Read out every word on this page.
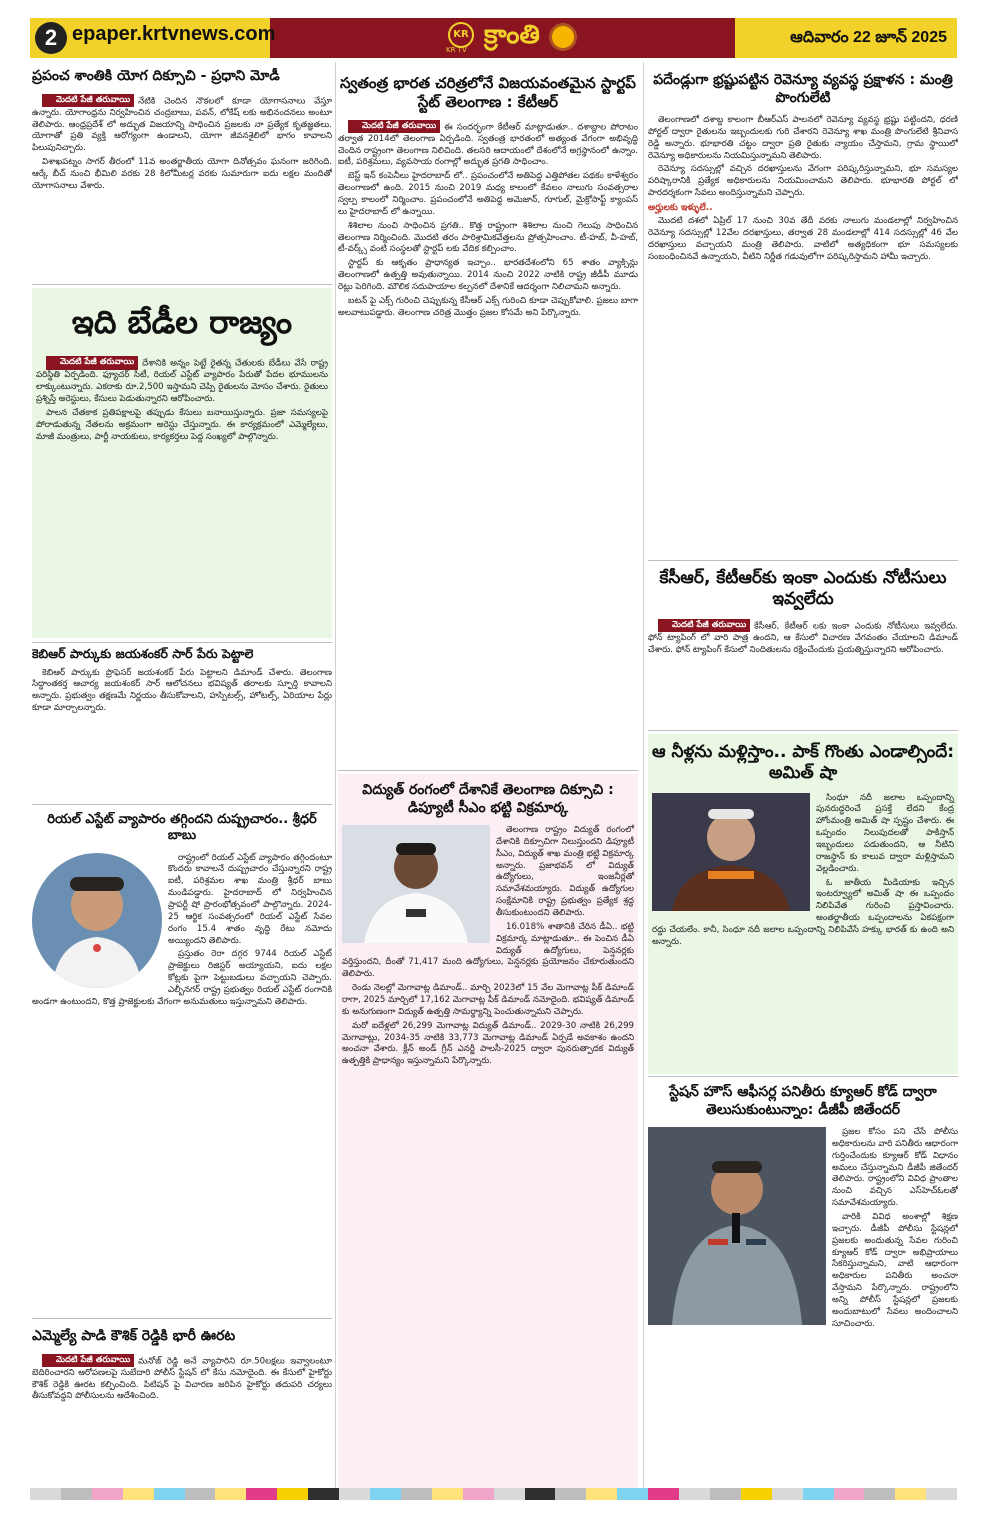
2 epaper.krtvnews.com	KR
KR TV క్రాంతి	ఆదివారం 22 జూన్ 2025
ప్రపంచ శాంతికి యోగ దిక్సూచి - ప్రధాని మోడీ

మెదటి పేజీ తరువాయి నేటికి చెందిన నౌకలలో కూడా యోగాసనాలు వేస్తూ ఉన్నారు. యోగాంధ్రను నిర్వహించిన చంద్రబాబు, పవన్, లోకేష్ లకు అభినందనలు అంటూ తెలిపారు. ఆంధ్రప్రదేశ్ లో అద్భుత విజయాన్ని సాధించిన ప్రజలకు నా ప్రత్యేక కృతజ్ఞతలు. యోగాతో ప్రతి వ్యక్తి ఆరోగ్యంగా ఉండాలని, యోగా జీవనశైలిలో భాగం కావాలని పిలుపునిచ్చారు.

విశాఖపట్నం సాగర్ తీరంలో 11వ అంతర్జాతీయ యోగా దినోత్సవం ఘనంగా జరిగింది. ఆర్కే బీచ్ నుంచి భీమిలి వరకు 28 కిలోమీటర్ల వరకు సుమారుగా ఐదు లక్షల మందితో యోగాసనాలు వేశారు.

ఇది బేడీల రాజ్యం

మెదటి పేజీ తరువాయి దేశానికి అన్నం పెట్టే రైతన్న చేతులకు బేడీలు వేసే రాష్ట్ర పరిస్థితి ఏర్పడింది. ఫ్యూచర్ సిటీ, రియల్ ఎస్టేట్ వ్యాపారం పేరుతో పేదల భూములను లాక్కుంటున్నారు. ఎకరాకు రూ.2,500 ఇస్తామని చెప్పి రైతులను మోసం చేశారు. రైతులు ప్రశ్నిస్తే అరెస్టులు, కేసులు పెడుతున్నారని ఆరోపించారు.

పాలన చేతకాక ప్రతిపక్షాలపై తప్పుడు కేసులు బనాయిస్తున్నారు. ప్రజా సమస్యలపై పోరాడుతున్న నేతలను అక్రమంగా అరెస్టు చేస్తున్నారు. ఈ కార్యక్రమంలో ఎమ్మెల్యేలు, మాజీ మంత్రులు, పార్టీ నాయకులు, కార్యకర్తలు పెద్ద సంఖ్యలో పాల్గొన్నారు.

కెబిఆర్ పార్కుకు జయశంకర్ సార్ పేరు పెట్టాలె

కెబిఆర్ పార్కుకు ప్రొఫెసర్ జయశంకర్ పేరు పెట్టాలని డిమాండ్ చేశారు. తెలంగాణ సిద్ధాంతకర్త ఆచార్య జయశంకర్ సార్ ఆలోచనలు భవిష్యత్ తరాలకు స్ఫూర్తి కావాలని అన్నారు. ప్రభుత్వం తక్షణమే నిర్ణయం తీసుకోవాలని, హస్పిటల్స్, హోటల్స్, ఏరియాల పేర్లు కూడా మార్చాలన్నారు.

రియల్ ఎస్టేట్ వ్యాపారం తగ్గిందని దుష్ప్రచారం.. శ్రీధర్ బాబు

రాష్ట్రంలో రియల్ ఎస్టేట్ వ్యాపారం తగ్గిందంటూ కొందరు కావాలనే దుష్ప్రచారం చేస్తున్నారని రాష్ట్ర ఐటీ, పరిశ్రమల శాఖ మంత్రి శ్రీధర్ బాబు మండిపడ్డారు. హైదరాబాద్ లో నిర్వహించిన ప్రాపర్టీ షో ప్రారంభోత్సవంలో పాల్గొన్నారు. 2024-25 ఆర్థిక సంవత్సరంలో రియల్ ఎస్టేట్ సేవల రంగం 15.4 శాతం వృద్ధి రేటు నమోదు అయ్యిందని తెలిపారు.

ప్రస్తుతం రెరా దగ్గర 9744 రియల్ ఎస్టేట్ ప్రాజెక్టులు రిజిస్టర్ అయ్యాయని, ఐదు లక్షల కోట్లకు పైగా పెట్టుబడులు వచ్చాయని చెప్పారు. ఎల్బీనగర్ రాష్ట్ర ప్రభుత్వం రియల్ ఎస్టేట్ రంగానికి అండగా ఉంటుందని, కొత్త ప్రాజెక్టులకు వేగంగా అనుమతులు ఇస్తున్నామని తెలిపారు.

ఎమ్మెల్యే పాడి కౌశిక్ రెడ్డికి భారీ ఊరట

మెదటి పేజీ తరువాయి మనోజ్ రెడ్డి అనే వ్యాపారిని రూ.50లక్షలు ఇవ్వాలంటూ బెదిరించారని ఆరోపణలపై సుబేదారి పోలీస్ స్టేషన్ లో కేసు నమోదైంది. ఈ కేసులో హైకోర్టు కౌశిక్ రెడ్డికి ఊరట కల్పించింది. పిటిషన్ పై విచారణ జరిపిన హైకోర్టు తదుపరి చర్యలు తీసుకోవద్దని పోలీసులను ఆదేశించింది.

స్వతంత్ర భారత చరిత్రలోనే విజయవంతమైన స్టార్టప్ స్టేట్ తెలంగాణ : కేటీఆర్

మెదటి పేజీ తరువాయి ఈ సందర్భంగా కేటీఆర్ మాట్లాడుతూ.. దశాబ్దాల పోరాటం తర్వాత 2014లో తెలంగాణ ఏర్పడింది. స్వతంత్ర భారతంలో అత్యంత వేగంగా అభివృద్ధి చెందిన రాష్ట్రంగా తెలంగాణ నిలిచింది. తలసరి ఆదాయంలో దేశంలోనే అగ్రస్థానంలో ఉన్నాం. ఐటీ, పరిశ్రమలు, వ్యవసాయ రంగాల్లో అద్భుత ప్రగతి సాధించాం.

బెస్ట్ ఇన్ కంపెనీలు హైదరాబాద్ లో.. ప్రపంచంలోనే అతిపెద్ద ఎత్తిపోతల పథకం కాళేశ్వరం తెలంగాణలో ఉంది. 2015 నుంచి 2019 మధ్య కాలంలో కేవలం నాలుగు సంవత్సరాల స్వల్ప కాలంలో నిర్మించాం. ప్రపంచంలోనే అతిపెద్ద అమెజాన్, గూగుల్, మైక్రోసాఫ్ట్ క్యాంపస్ లు హైదరాబాద్ లో ఉన్నాయి.

శిశిలాల నుంచి సాధించిన ప్రగతి.. కొత్త రాష్ట్రంగా శిశిలాల నుంచి గెలుపు సాధించిన తెలంగాణ నిర్మించింది. మొదటి తరం పారిశ్రామికవేత్తలను ప్రోత్సహించాం. టీ-హబ్, వీ-హబ్, టీ-వర్క్స్ వంటి సంస్థలతో స్టార్టప్ లకు వేదిక కల్పించాం.

స్టార్టప్ కు ఆకృతం ప్రాధాన్యత ఇచ్చాం.. భారతదేశంలోని 65 శాతం వ్యాక్సిన్లు తెలంగాణలో ఉత్పత్తి అవుతున్నాయి. 2014 నుంచి 2022 నాటికి రాష్ట్ర జీడీపీ మూడు రెట్లు పెరిగింది. మౌలిక సదుపాయాల కల్పనలో దేశానికే ఆదర్శంగా నిలిచామని అన్నారు.

బటన్ పై ఎక్స్ గురించి చెప్పుకున్న కేసీఆర్ ఎక్స్ గురించి కూడా చెప్పుకోవాలి. ప్రజలు బాగా అలవాటుపడ్డారు. తెలంగాణ చరిత్ర మొత్తం ప్రజల కోసమే అని పేర్కొన్నారు.

విద్యుత్ రంగంలో దేశానికే తెలంగాణ దిక్సూచి : డిప్యూటీ సీఎం భట్టి విక్రమార్క

తెలంగాణ రాష్ట్రం విద్యుత్ రంగంలో దేశానికి దిక్సూచిగా నిలుస్తుందని డిప్యూటీ సీఎం, విద్యుత్ శాఖ మంత్రి భట్టి విక్రమార్క అన్నారు. ప్రజాభవన్ లో విద్యుత్ ఉద్యోగులు, ఇంజనీర్లతో సమావేశమయ్యారు. విద్యుత్ ఉద్యోగుల సంక్షేమానికి రాష్ట్ర ప్రభుత్వం ప్రత్యేక శ్రద్ధ తీసుకుంటుందని తెలిపారు.

16.018% శాతానికి చేరిన డీఏ.. భట్టి విక్రమార్క మాట్లాడుతూ.. ఈ పెంచిన డీఏ విద్యుత్ ఉద్యోగులు, పెన్షనర్లకు వర్తిస్తుందని, దీంతో 71,417 మంది ఉద్యోగులు, పెన్షనర్లకు ప్రయోజనం చేకూరుతుందని తెలిపారు.

రెండు నెలల్లో మెగావాట్ల డిమాండ్.. మార్చి 2023లో 15 వేల మెగావాట్ల పీక్ డిమాండ్ రాగా, 2025 మార్చిలో 17,162 మెగావాట్ల పీక్ డిమాండ్ నమోదైంది. భవిష్యత్ డిమాండ్ కు అనుగుణంగా విద్యుత్ ఉత్పత్తి సామర్థ్యాన్ని పెంచుతున్నామని చెప్పారు.

మరో ఐదేళ్లలో 26,299 మెగావాట్ల విద్యుత్ డిమాండ్.. 2029-30 నాటికి 26,299 మెగావాట్లు, 2034-35 నాటికి 33,773 మెగావాట్ల డిమాండ్ ఏర్పడే అవకాశం ఉందని అంచనా వేశారు. క్లీన్ అండ్ గ్రీన్ ఎనర్జీ పాలసీ-2025 ద్వారా పునరుత్పాదక విద్యుత్ ఉత్పత్తికి ప్రాధాన్యం ఇస్తున్నామని పేర్కొన్నారు.

పదేండ్లుగా భ్రష్టుపట్టిన రెవెన్యూ వ్యవస్థ ప్రక్షాళన : మంత్రి పొంగులేటి

తెలంగాణలో దశాబ్ద కాలంగా బీఆర్ఎస్ పాలనలో రెవెన్యూ వ్యవస్థ భ్రష్టు పట్టిందని, ధరణి పోర్టల్ ద్వారా రైతులను ఇబ్బందులకు గురి చేశారని రెవెన్యూ శాఖ మంత్రి పొంగులేటి శ్రీనివాస రెడ్డి అన్నారు. భూభారతి చట్టం ద్వారా ప్రతి రైతుకు న్యాయం చేస్తామని, గ్రామ స్థాయిలో రెవెన్యూ అధికారులను నియమిస్తున్నామని తెలిపారు.

రెవెన్యూ సదస్సుల్లో వచ్చిన దరఖాస్తులను వేగంగా పరిష్కరిస్తున్నామని, భూ సమస్యల పరిష్కారానికి ప్రత్యేక అధికారులను నియమించామని తెలిపారు. భూభారతి పోర్టల్ లో పారదర్శకంగా సేవలు అందిస్తున్నామని చెప్పారు.

అర్హులకు ఇళ్ళులే..

మొదటి దశలో ఏప్రిల్ 17 నుంచి 30వ తేదీ వరకు నాలుగు మండలాల్లో నిర్వహించిన రెవెన్యూ సదస్సుల్లో 12వేల దరఖాస్తులు, తర్వాత 28 మండలాల్లో 414 సదస్సుల్లో 46 వేల దరఖాస్తులు వచ్చాయని మంత్రి తెలిపారు. వాటిలో అత్యధికంగా భూ సమస్యలకు సంబంధించినవే ఉన్నాయని, వీటిని నిర్ణీత గడువులోగా పరిష్కరిస్తామని హామీ ఇచ్చారు.

కేసీఆర్, కేటీఆర్‌కు ఇంకా ఎందుకు నోటీసులు ఇవ్వలేదు

మెదటి పేజీ తరువాయి కేసీఆర్, కేటీఆర్ లకు ఇంకా ఎందుకు నోటీసులు ఇవ్వలేదు. ఫోన్ ట్యాపింగ్ లో వారి పాత్ర ఉందని, ఆ కేసులో విచారణ వేగవంతం చేయాలని డిమాండ్ చేశారు. ఫోన్ ట్యాపింగ్ కేసులో నిందితులను రక్షించేందుకు ప్రయత్నిస్తున్నారని ఆరోపించారు.

ఆ నీళ్లను మళ్లిస్తాం.. పాక్ గొంతు ఎండాల్సిందే: అమిత్ షా

సింధూ నదీ జలాల ఒప్పందాన్ని పునరుద్ధరించే ప్రసక్తే లేదని కేంద్ర హోంమంత్రి అమిత్ షా స్పష్టం చేశారు. ఈ ఒప్పందం నిలుపుదలతో పాకిస్తాన్ ఇబ్బందులు పడుతుందని, ఆ నీటిని రాజస్థాన్ కు కాలువ ద్వారా మళ్లిస్తామని వెల్లడించారు.

ఓ జాతీయ మీడియాకు ఇచ్చిన ఇంటర్వ్యూలో అమిత్ షా ఈ ఒప్పందం నిలిపివేత గురించి ప్రస్తావించారు. అంతర్జాతీయ ఒప్పందాలను ఏకపక్షంగా రద్దు చేయలేం. కానీ, సింధూ నదీ జలాల ఒప్పందాన్ని నిలిపివేసే హక్కు భారత్ కు ఉంది అని అన్నారు.

స్టేషన్ హౌస్ ఆఫీసర్ల పనితీరు క్యూఆర్ కోడ్ ద్వారా తెలుసుకుంటున్నాం: డీజీపీ జితేందర్

ప్రజల కోసం పని చేసే పోలీసు అధికారులను వారి పనితీరు ఆధారంగా గుర్తించేందుకు క్యూఆర్ కోడ్ విధానం అమలు చేస్తున్నామని డీజీపీ జితేందర్ తెలిపారు. రాష్ట్రంలోని వివిధ ప్రాంతాల నుంచి వచ్చిన ఎస్‌హెచ్‌ఓలతో సమావేశమయ్యారు.

వారికి వివిధ అంశాల్లో శిక్షణ ఇచ్చారు. డీజీపీ పోలీసు స్టేషన్లలో ప్రజలకు అందుతున్న సేవల గురించి క్యూఆర్ కోడ్ ద్వారా అభిప్రాయాలు సేకరిస్తున్నామని, వాటి ఆధారంగా అధికారుల పనితీరు అంచనా వేస్తామని పేర్కొన్నారు. రాష్ట్రంలోని అన్ని పోలీస్ స్టేషన్లలో ప్రజలకు అందుబాటులో సేవలు అందించాలని సూచించారు.
